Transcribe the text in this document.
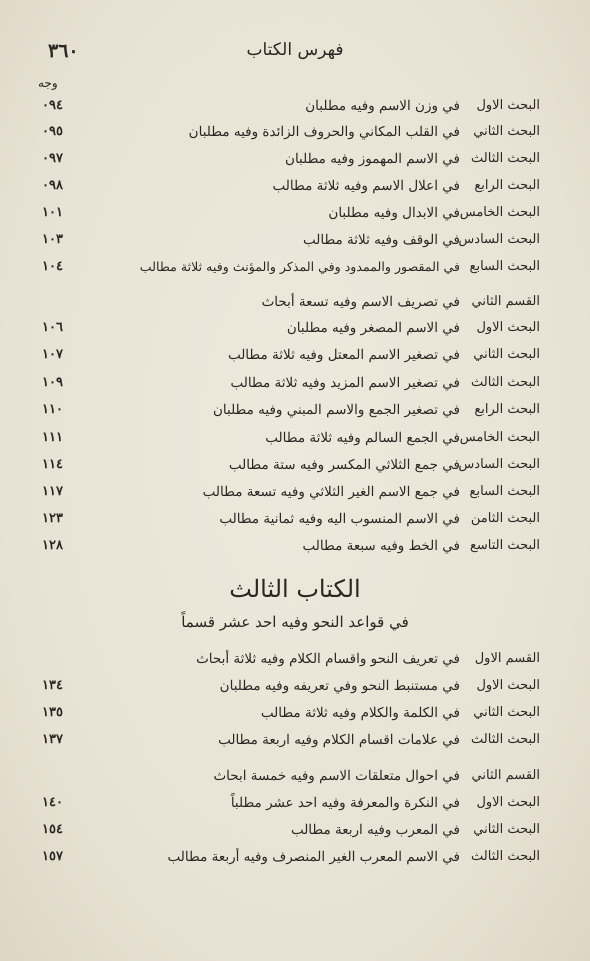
٣٦٠	فهرس الكتاب
وجه
البحث الاول
في وزن الاسم وفيه مطلبان
٠٩٤
البحث الثاني
في القلب المكاني والحروف الزائدة وفيه مطلبان
٠٩٥
البحث الثالث
في الاسم المهموز وفيه مطلبان
٠٩٧
البحث الرابع
في اعلال الاسم وفيه ثلاثة مطالب
٠٩٨
البحث الخامس
في الابدال وفيه مطلبان
١٠١
البحث السادس
في الوقف وفيه ثلاثة مطالب
١٠٣
البحث السابع
في المقصور والممدود وفي المذكر والمؤنث وفيه ثلاثة مطالب
١٠٤
القسم الثاني
في تصريف الاسم وفيه تسعة أبحاث
البحث الاول
في الاسم المصغر وفيه مطلبان
١٠٦
البحث الثاني
في تصغير الاسم المعتل وفيه ثلاثة مطالب
١٠٧
البحث الثالث
في تصغير الاسم المزيد وفيه ثلاثة مطالب
١٠٩
البحث الرابع
في تصغير الجمع والاسم المبني وفيه مطلبان
١١٠
البحث الخامس
في الجمع السالم وفيه ثلاثة مطالب
١١١
البحث السادس
في جمع الثلاثي المكسر وفيه ستة مطالب
١١٤
البحث السابع
في جمع الاسم الغير الثلاثي وفيه تسعة مطالب
١١٧
البحث الثامن
في الاسم المنسوب اليه وفيه ثمانية مطالب
١٢٣
البحث التاسع
في الخط وفيه سبعة مطالب
١٢٨
الكتاب الثالث
في قواعد النحو وفيه احد عشر قسماً
القسم الاول
في تعريف النحو واقسام الكلام وفيه ثلاثة أبحاث
البحث الاول
في مستنبط النحو وفي تعريفه وفيه مطلبان
١٣٤
البحث الثاني
في الكلمة والكلام وفيه ثلاثة مطالب
١٣٥
البحث الثالث
في علامات اقسام الكلام وفيه اربعة مطالب
١٣٧
القسم الثاني
في احوال متعلقات الاسم وفيه خمسة ابحاث
البحث الاول
في النكرة والمعرفة وفيه احد عشر مطلباً
١٤٠
البحث الثاني
في المعرب وفيه اربعة مطالب
١٥٤
البحث الثالث
في الاسم المعرب الغير المنصرف وفيه أربعة مطالب
١٥٧
